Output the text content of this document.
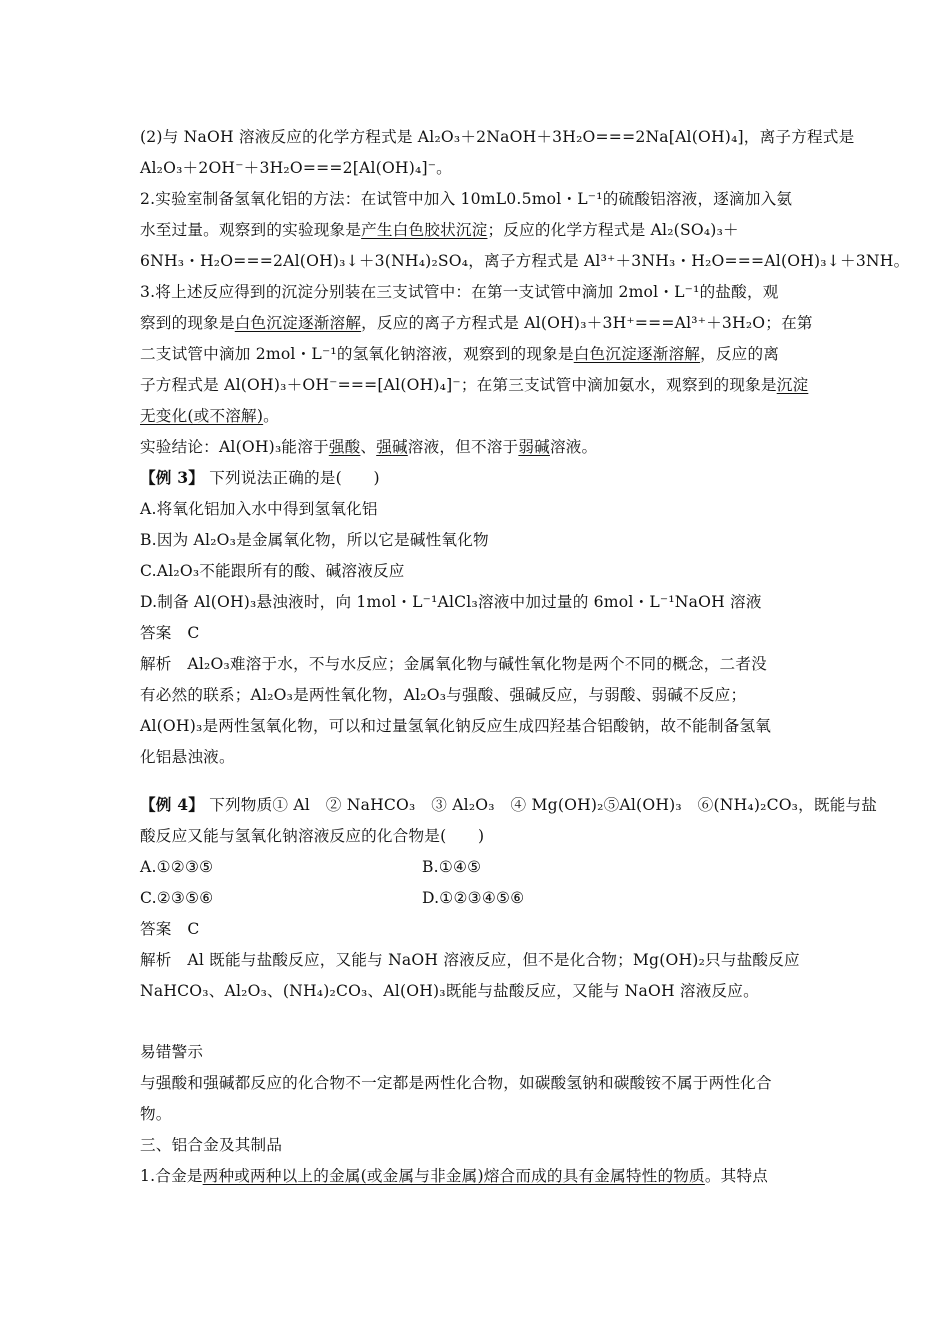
(2)与 NaOH 溶液反应的化学方程式是 Al₂O₃＋2NaOH＋3H₂O===2Na[Al(OH)₄]，离子方程式是
Al₂O₃＋2OH⁻＋3H₂O===2[Al(OH)₄]⁻。
2.实验室制备氢氧化铝的方法：在试管中加入 10mL0.5mol・L⁻¹的硫酸铝溶液，逐滴加入氨
水至过量。观察到的实验现象是产生白色胶状沉淀；反应的化学方程式是 Al₂(SO₄)₃＋
6NH₃・H₂O===2Al(OH)₃↓＋3(NH₄)₂SO₄，离子方程式是 Al³⁺＋3NH₃・H₂O===Al(OH)₃↓＋3NH。
3.将上述反应得到的沉淀分别装在三支试管中：在第一支试管中滴加 2mol・L⁻¹的盐酸，观
察到的现象是白色沉淀逐渐溶解，反应的离子方程式是 Al(OH)₃＋3H⁺===Al³⁺＋3H₂O；在第
二支试管中滴加 2mol・L⁻¹的氢氧化钠溶液，观察到的现象是白色沉淀逐渐溶解，反应的离
子方程式是 Al(OH)₃＋OH⁻===[Al(OH)₄]⁻；在第三支试管中滴加氨水，观察到的现象是沉淀
无变化(或不溶解)。
实验结论：Al(OH)₃能溶于强酸、强碱溶液，但不溶于弱碱溶液。
【例 3】 下列说法正确的是(　　)
A.将氧化铝加入水中得到氢氧化铝
B.因为 Al₂O₃是金属氧化物，所以它是碱性氧化物
C.Al₂O₃不能跟所有的酸、碱溶液反应
D.制备 Al(OH)₃悬浊液时，向 1mol・L⁻¹AlCl₃溶液中加过量的 6mol・L⁻¹NaOH 溶液
答案　C
解析　Al₂O₃难溶于水，不与水反应；金属氧化物与碱性氧化物是两个不同的概念，二者没
有必然的联系；Al₂O₃是两性氧化物，Al₂O₃与强酸、强碱反应，与弱酸、弱碱不反应；
Al(OH)₃是两性氢氧化物，可以和过量氢氧化钠反应生成四羟基合铝酸钠，故不能制备氢氧
化铝悬浊液。
【例 4】 下列物质① Al　② NaHCO₃　③ Al₂O₃　④ Mg(OH)₂⑤Al(OH)₃　⑥(NH₄)₂CO₃，既能与盐
酸反应又能与氢氧化钠溶液反应的化合物是(　　)
A.①②③⑤	B.①④⑤
C.②③⑤⑥	D.①②③④⑤⑥
答案　C
解析　Al 既能与盐酸反应，又能与 NaOH 溶液反应，但不是化合物；Mg(OH)₂只与盐酸反应
NaHCO₃、Al₂O₃、(NH₄)₂CO₃、Al(OH)₃既能与盐酸反应，又能与 NaOH 溶液反应。
易错警示
与强酸和强碱都反应的化合物不一定都是两性化合物，如碳酸氢钠和碳酸铵不属于两性化合
物。
三、铝合金及其制品
1.合金是两种或两种以上的金属(或金属与非金属)熔合而成的具有金属特性的物质。其特点
